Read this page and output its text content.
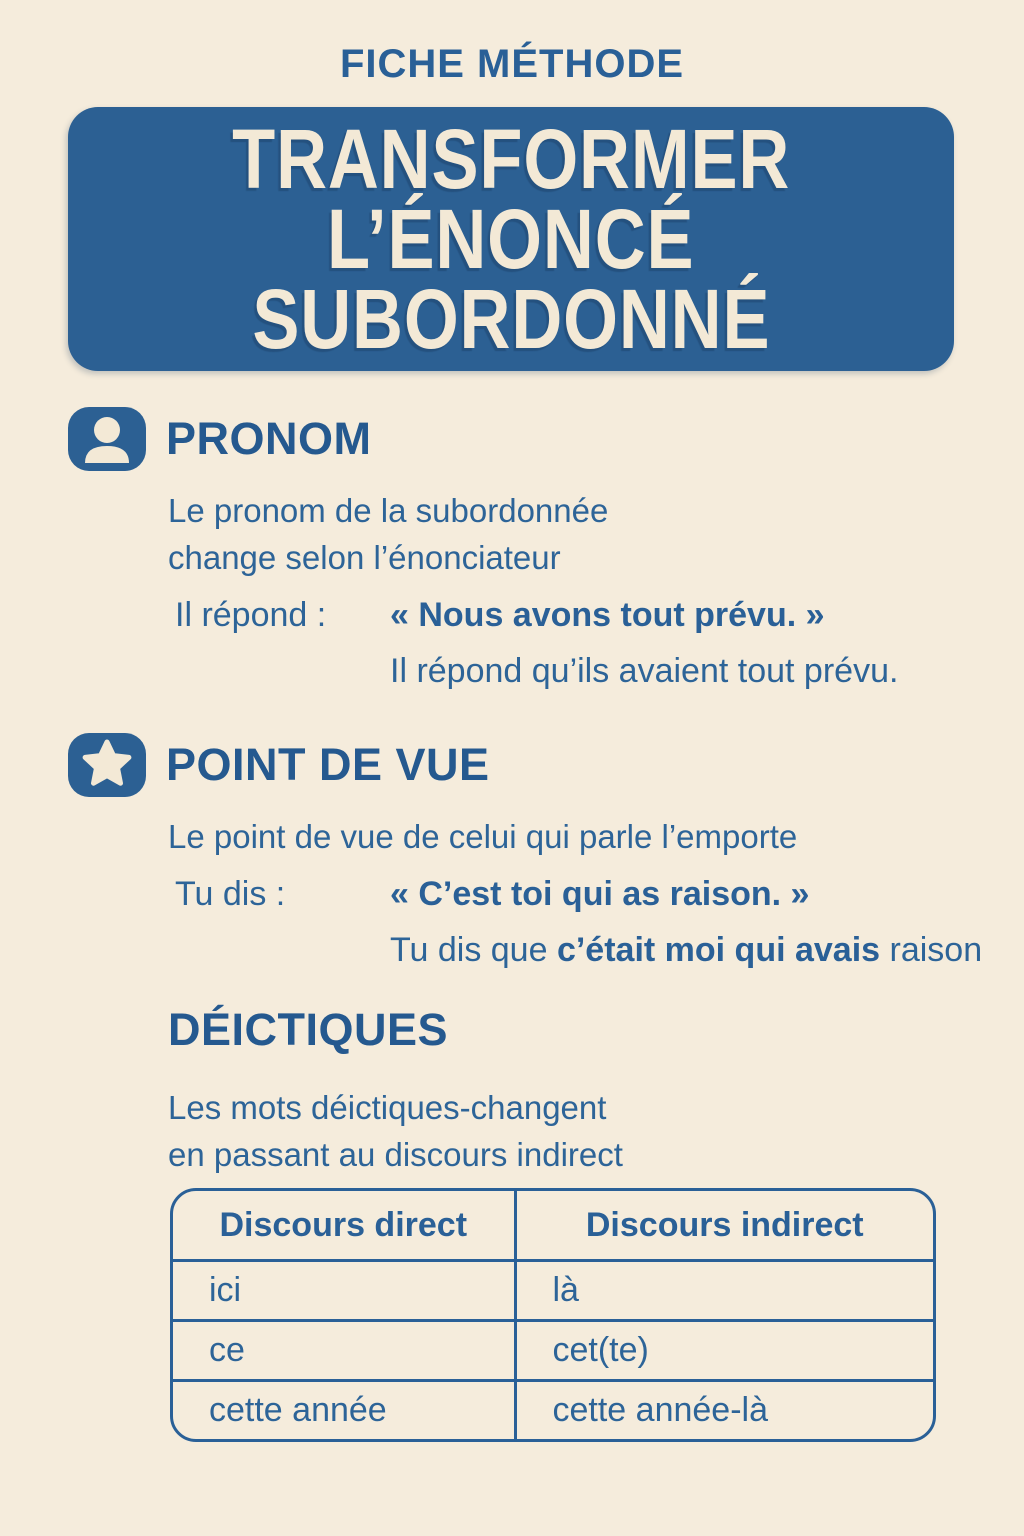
FICHE MÉTHODE
TRANSFORMER
L’ÉNONCÉ
SUBORDONNÉ
PRONOM
Le pronom de la subordonnée
change selon l’énonciateur
Il répond :	« Nous avons tout prévu. »
Il répond qu’ils avaient tout prévu.
POINT DE VUE
Le point de vue de celui qui parle l’emporte
Tu dis :	« C’est toi qui as raison. »
Tu dis que c’était moi qui avais raison
DÉICTIQUES
Les mots déictiques-changent
en passant au discours indirect
Discours direct	Discours indirect
ici	là
ce	cet(te)
cette année	cette année-là
